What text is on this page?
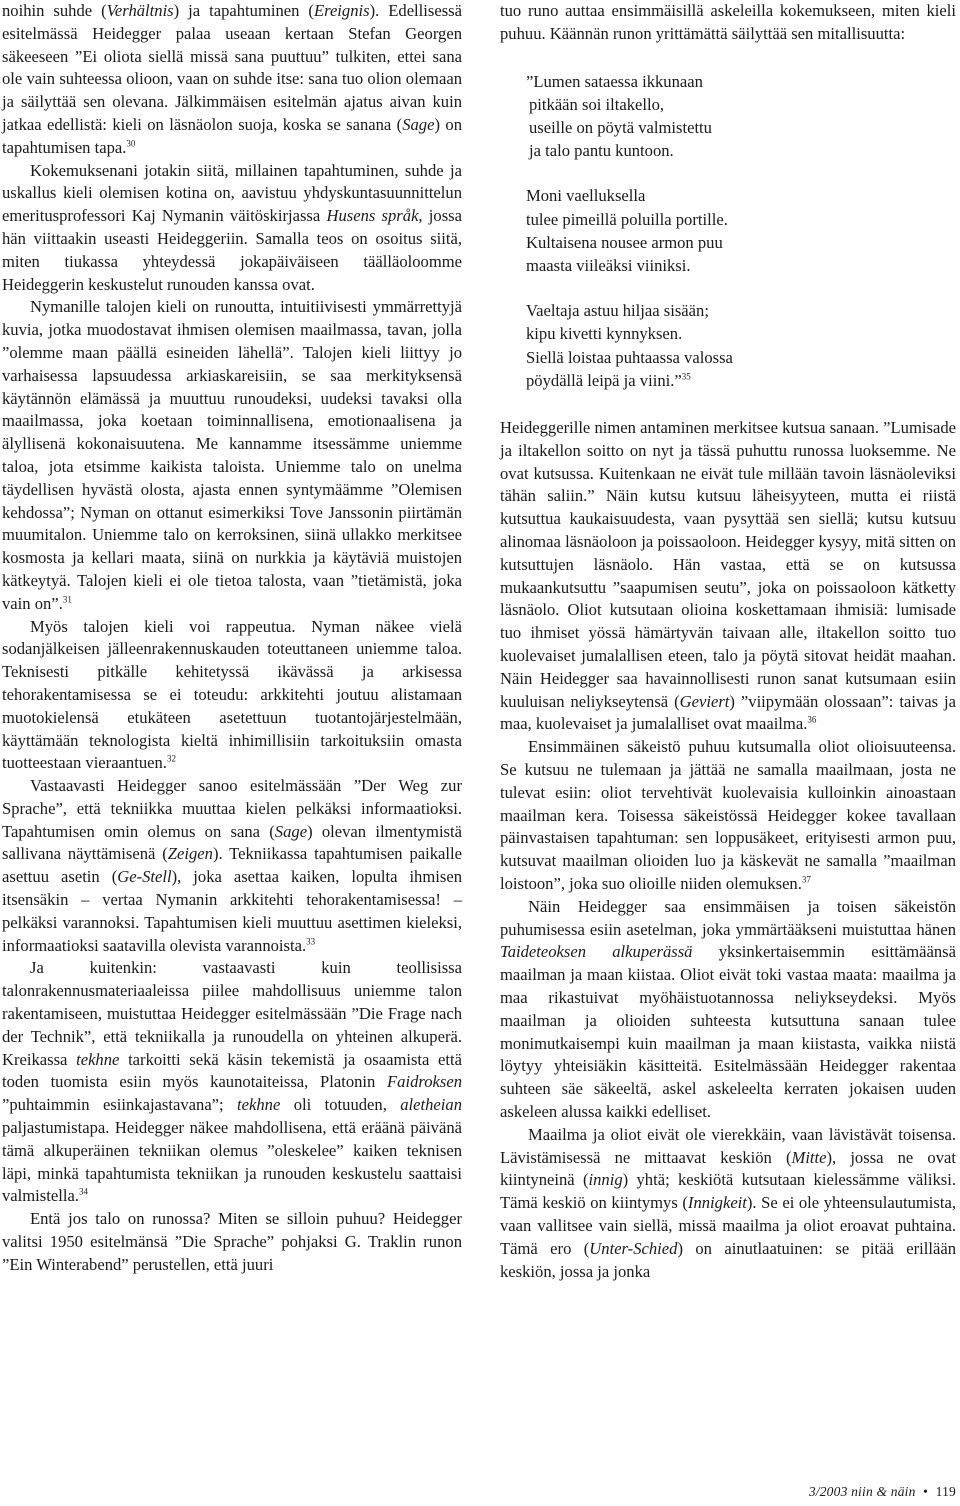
noihin suhde (Verhältnis) ja tapahtuminen (Ereignis). Edellisessä esitelmässä Heidegger palaa useaan kertaan Stefan Georgen säkeeseen ”Ei oliota siellä missä sana puuttuu” tulkiten, ettei sana ole vain suhteessa olioon, vaan on suhde itse: sana tuo olion olemaan ja säilyttää sen olevana. Jälkimmäisen esitelmän ajatus aivan kuin jatkaa edellistä: kieli on läsnäolon suoja, koska se sanana (Sage) on tapahtumisen tapa.$^{30}$

Kokemuksenani jotakin siitä, millainen tapahtuminen, suhde ja uskallus kieli olemisen kotina on, aavistuu yhdyskuntasuunnittelun emeritusprofessori Kaj Nymanin väitöskirjassa Husens språk, jossa hän viittaakin useasti Heideggeriin. Samalla teos on osoitus siitä, miten tiukassa yhteydessä jokapäiväiseen täälläoloomme Heideggerin keskustelut runouden kanssa ovat.

Nymanille talojen kieli on runoutta, intuitiivisesti ymmärrettyjä kuvia, jotka muodostavat ihmisen olemisen maailmassa, tavan, jolla ”olemme maan päällä esineiden lähellä”. Talojen kieli liittyy jo varhaisessa lapsuudessa arkiaskareisiin, se saa merkityksensä käytännön elämässä ja muuttuu runoudeksi, uudeksi tavaksi olla maailmassa, joka koetaan toiminnallisena, emotionaalisena ja älyllisenä kokonaisuutena. Me kannamme itsessämme uniemme taloa, jota etsimme kaikista taloista. Uniemme talo on unelma täydellisen hyvästä olosta, ajasta ennen syntymäämme ”Olemisen kehdossa”; Nyman on ottanut esimerkiksi Tove Janssonin piirtämän muumitalon. Uniemme talo on kerroksinen, siinä ullakko merkitsee kosmosta ja kellari maata, siinä on nurkkia ja käytäviä muistojen kätkeytyä. Talojen kieli ei ole tietoa talosta, vaan ”tietämistä, joka vain on”.$^{31}$

Myös talojen kieli voi rappeutua. Nyman näkee vielä sodanjälkeisen jälleenrakennuskauden toteuttaneen uniemme taloa. Teknisesti pitkälle kehitetyssä ikävässä ja arkisessa tehorakentamisessa se ei toteudu: arkkitehti joutuu alistamaan muotokielensä etukäteen asetettuun tuotantojärjestelmään, käyttämään teknologista kieltä inhimillisiin tarkoituksiin omasta tuotteestaan vieraantuen.$^{32}$

Vastaavasti Heidegger sanoo esitelmässään ”Der Weg zur Sprache”, että tekniikka muuttaa kielen pelkäksi informaatioksi. Tapahtumisen omin olemus on sana (Sage) olevan ilmentymistä sallivana näyttämisenä (Zeigen). Tekniikassa tapahtumisen paikalle asettuu asetin (Ge-Stell), joka asettaa kaiken, lopulta ihmisen itsensäkin – vertaa Nymanin arkkitehti tehorakentamisessa! – pelkäksi varannoksi. Tapahtumisen kieli muuttuu asettimen kieleksi, informaatioksi saatavilla olevista varannoista.$^{33}$

Ja kuitenkin: vastaavasti kuin teollisissa talonrakennusmateriaaleissa piilee mahdollisuus uniemme talon rakentamiseen, muistuttaa Heidegger esitelmässään ”Die Frage nach der Technik”, että tekniikalla ja runoudella on yhteinen alkuperä. Kreikassa tekhne tarkoitti sekä käsin tekemistä ja osaamista että toden tuomista esiin myös kaunotaiteissa, Platonin Faidroksen ”puhtaimmin esiinkajastavana”; tekhne oli totuuden, aletheian paljastumistapa. Heidegger näkee mahdollisena, että eräänä päivänä tämä alkuperäinen tekniikan olemus ”oleskelee” kaiken teknisen läpi, minkä tapahtumista tekniikan ja runouden keskustelu saattaisi valmistella.$^{34}$

Entä jos talo on runossa? Miten se silloin puhuu? Heidegger valitsi 1950 esitelmänsä ”Die Sprache” pohjaksi G. Traklin runon ”Ein Winterabend” perustellen, että juuri

tuo runo auttaa ensimmäisillä askeleilla kokemukseen, miten kieli puhuu. Käännän runon yrittämättä säilyttää sen mitallisuutta:

”Lumen sataessa ikkunaan
pitkään soi iltakello,
useille on pöytä valmistettu
ja talo pantu kuntoon.
Moni vaelluksella
tulee pimeillä poluilla portille.
Kultaisena nousee armon puu
maasta viileäksi viiniksi.
Vaeltaja astuu hiljaa sisään;
kipu kivetti kynnyksen.
Siellä loistaa puhtaassa valossa
pöydällä leipä ja viini.”$^{35}$

Heideggerille nimen antaminen merkitsee kutsua sanaan. ”Lumisade ja iltakellon soitto on nyt ja tässä puhuttu runossa luoksemme. Ne ovat kutsussa. Kuitenkaan ne eivät tule millään tavoin läsnäoleviksi tähän saliin.” Näin kutsu kutsuu läheisyyteen, mutta ei riistä kutsuttua kaukaisuudesta, vaan pysyttää sen siellä; kutsu kutsuu alinomaa läsnäoloon ja poissaoloon. Heidegger kysyy, mitä sitten on kutsuttujen läsnäolo. Hän vastaa, että se on kutsussa mukaankutsuttu ”saapumisen seutu”, joka on poissaoloon kätketty läsnäolo. Oliot kutsutaan olioina koskettamaan ihmisiä: lumisade tuo ihmiset yössä hämärtyvän taivaan alle, iltakellon soitto tuo kuolevaiset jumalallisen eteen, talo ja pöytä sitovat heidät maahan. Näin Heidegger saa havainnollisesti runon sanat kutsumaan esiin kuuluisan neliykseytensä (Geviert) ”viipymään olossaan”: taivas ja maa, kuolevaiset ja jumalalliset ovat maailma.$^{36}$

Ensimmäinen säkeistö puhuu kutsumalla oliot olioisuuteensa. Se kutsuu ne tulemaan ja jättää ne samalla maailmaan, josta ne tulevat esiin: oliot tervehtivät kuolevaisia kulloinkin ainoastaan maailman kera. Toisessa säkeistössä Heidegger kokee tavallaan päinvastaisen tapahtuman: sen loppusäkeet, erityisesti armon puu, kutsuvat maailman olioiden luo ja käskevät ne samalla ”maailman loistoon”, joka suo olioille niiden olemuksen.$^{37}$

Näin Heidegger saa ensimmäisen ja toisen säkeistön puhumisessa esiin asetelman, joka ymmärtääkseni muistuttaa hänen Taideteoksen alkuperässä yksinkertaisemmin esittämäänsä maailman ja maan kiistaa. Oliot eivät toki vastaa maata: maailma ja maa rikastuivat myöhäistuotannossa neliykseydeksi. Myös maailman ja olioiden suhteesta kutsuttuna sanaan tulee monimutkaisempi kuin maailman ja maan kiistasta, vaikka niistä löytyy yhteisiäkin käsitteitä. Esitelmässään Heidegger rakentaa suhteen säe säkeeltä, askel askeleelta kerraten jokaisen uuden askeleen alussa kaikki edelliset.

Maailma ja oliot eivät ole vierekkäin, vaan lävistävät toisensa. Lävistämisessä ne mittaavat keskiön (Mitte), jossa ne ovat kiintyneinä (innig) yhtä; keskiötä kutsutaan kielessämme väliksi. Tämä keskiö on kiintymys (Innigkeit). Se ei ole yhteensulautumista, vaan vallitsee vain siellä, missä maailma ja oliot eroavat puhtaina. Tämä ero (Unter-Schied) on ainutlaatuinen: se pitää erillään keskiön, jossa ja jonka

3/2003 niin & näin • 119
